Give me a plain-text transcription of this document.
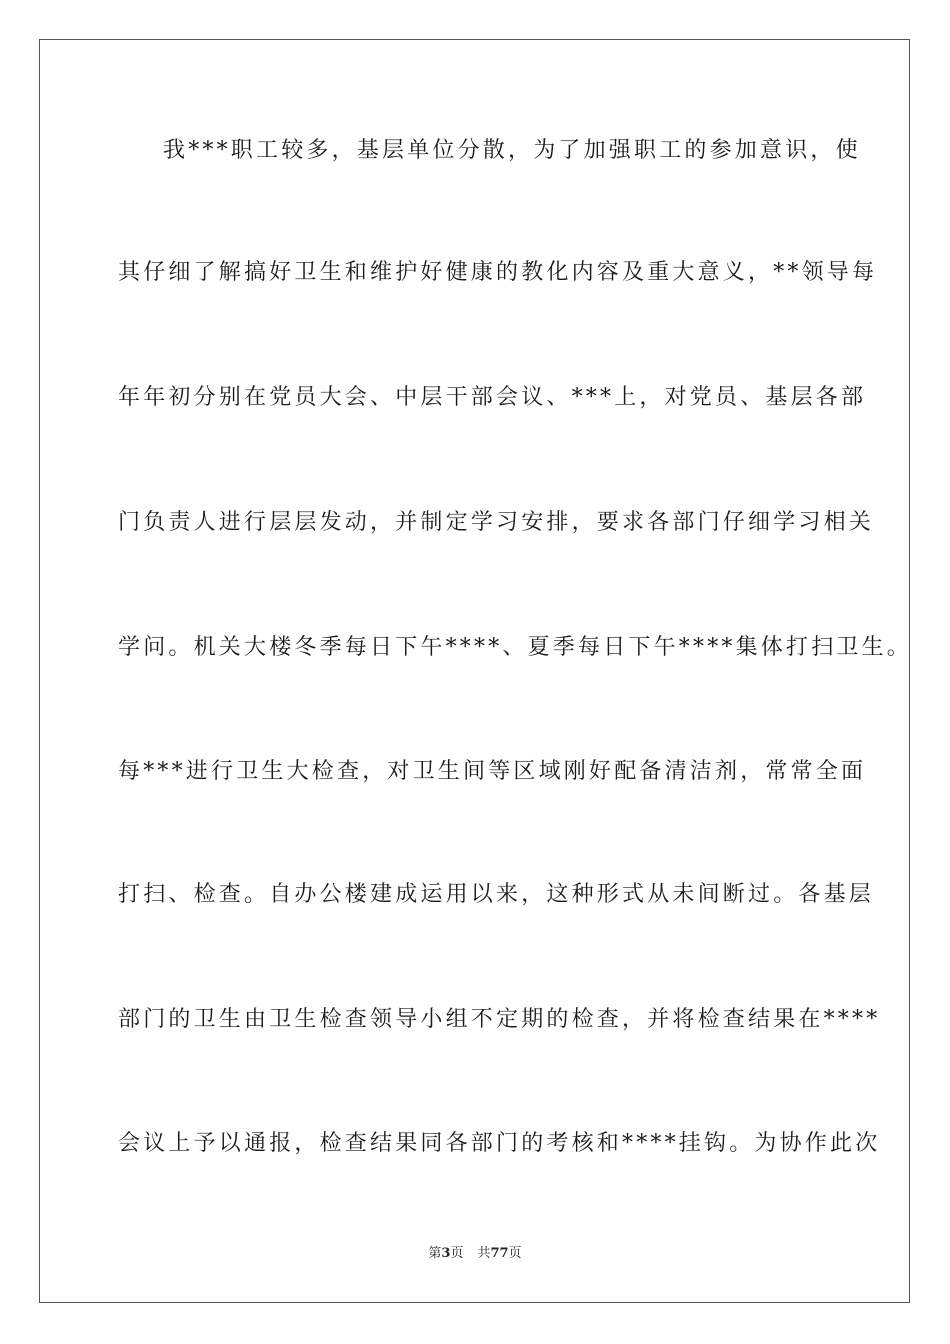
我***职工较多，基层单位分散，为了加强职工的参加意识，使
其仔细了解搞好卫生和维护好健康的教化内容及重大意义，**领导每
年年初分别在党员大会、中层干部会议、***上，对党员、基层各部
门负责人进行层层发动，并制定学习安排，要求各部门仔细学习相关
学问。机关大楼冬季每日下午****、夏季每日下午****集体打扫卫生。
每***进行卫生大检查，对卫生间等区域刚好配备清洁剂，常常全面
打扫、检查。自办公楼建成运用以来，这种形式从未间断过。各基层
部门的卫生由卫生检查领导小组不定期的检查，并将检查结果在****
会议上予以通报，检查结果同各部门的考核和****挂钩。为协作此次
第3页 共77页
